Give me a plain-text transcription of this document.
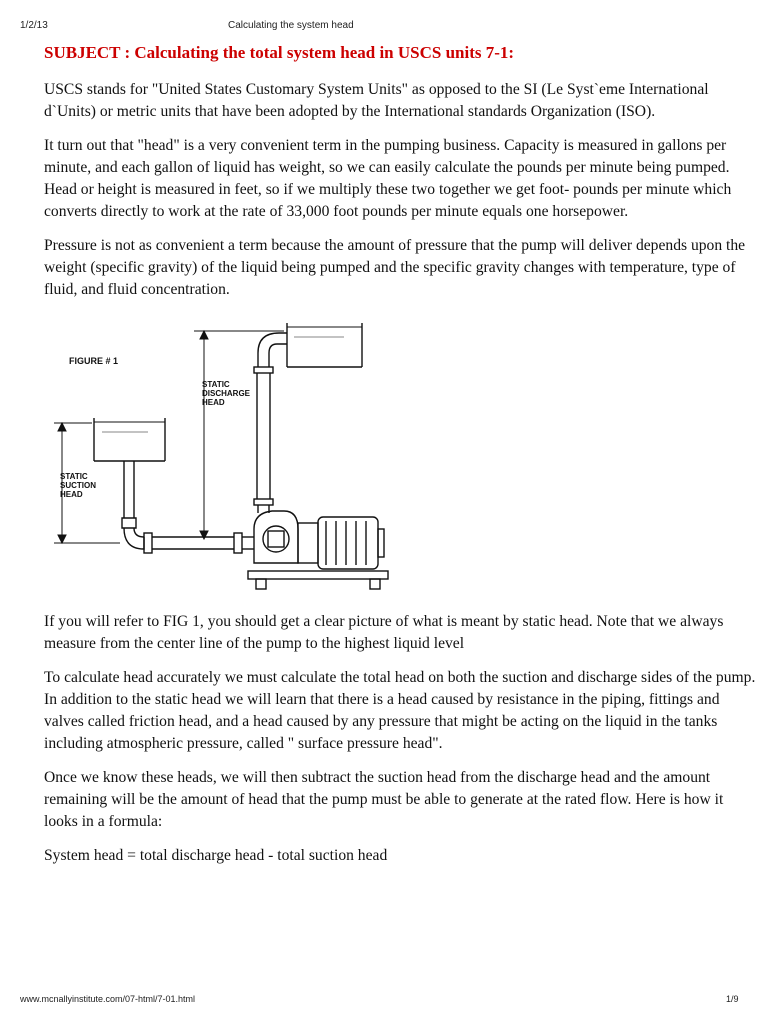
1/2/13	Calculating the system head
SUBJECT : Calculating the total system head in USCS units 7-1:

USCS stands for "United States Customary System Units" as opposed to the SI (Le Syst`eme International d`Units) or metric units that have been adopted by the International standards Organization (ISO).

It turn out that "head" is a very convenient term in the pumping business. Capacity is measured in gallons per minute, and each gallon of liquid has weight, so we can easily calculate the pounds per minute being pumped. Head or height is measured in feet, so if we multiply these two together we get foot- pounds per minute which converts directly to work at the rate of 33,000 foot pounds per minute equals one horsepower.

Pressure is not as convenient a term because the amount of pressure that the pump will deliver depends upon the weight (specific gravity) of the liquid being pumped and the specific gravity changes with temperature, type of fluid, and fluid concentration.

FIGURE # 1
STATIC DISCHARGE HEAD
STATIC SUCTION HEAD

If you will refer to FIG 1, you should get a clear picture of what is meant by static head. Note that we always measure from the center line of the pump to the highest liquid level

To calculate head accurately we must calculate the total head on both the suction and discharge sides of the pump. In addition to the static head we will learn that there is a head caused by resistance in the piping, fittings and valves called friction head, and a head caused by any pressure that might be acting on the liquid in the tanks including atmospheric pressure, called " surface pressure head".

Once we know these heads, we will then subtract the suction head from the discharge head and the amount remaining will be the amount of head that the pump must be able to generate at the rated flow. Here is how it looks in a formula:

System head = total discharge head - total suction head

www.mcnallyinstitute.com/07-html/7-01.html	1/9
